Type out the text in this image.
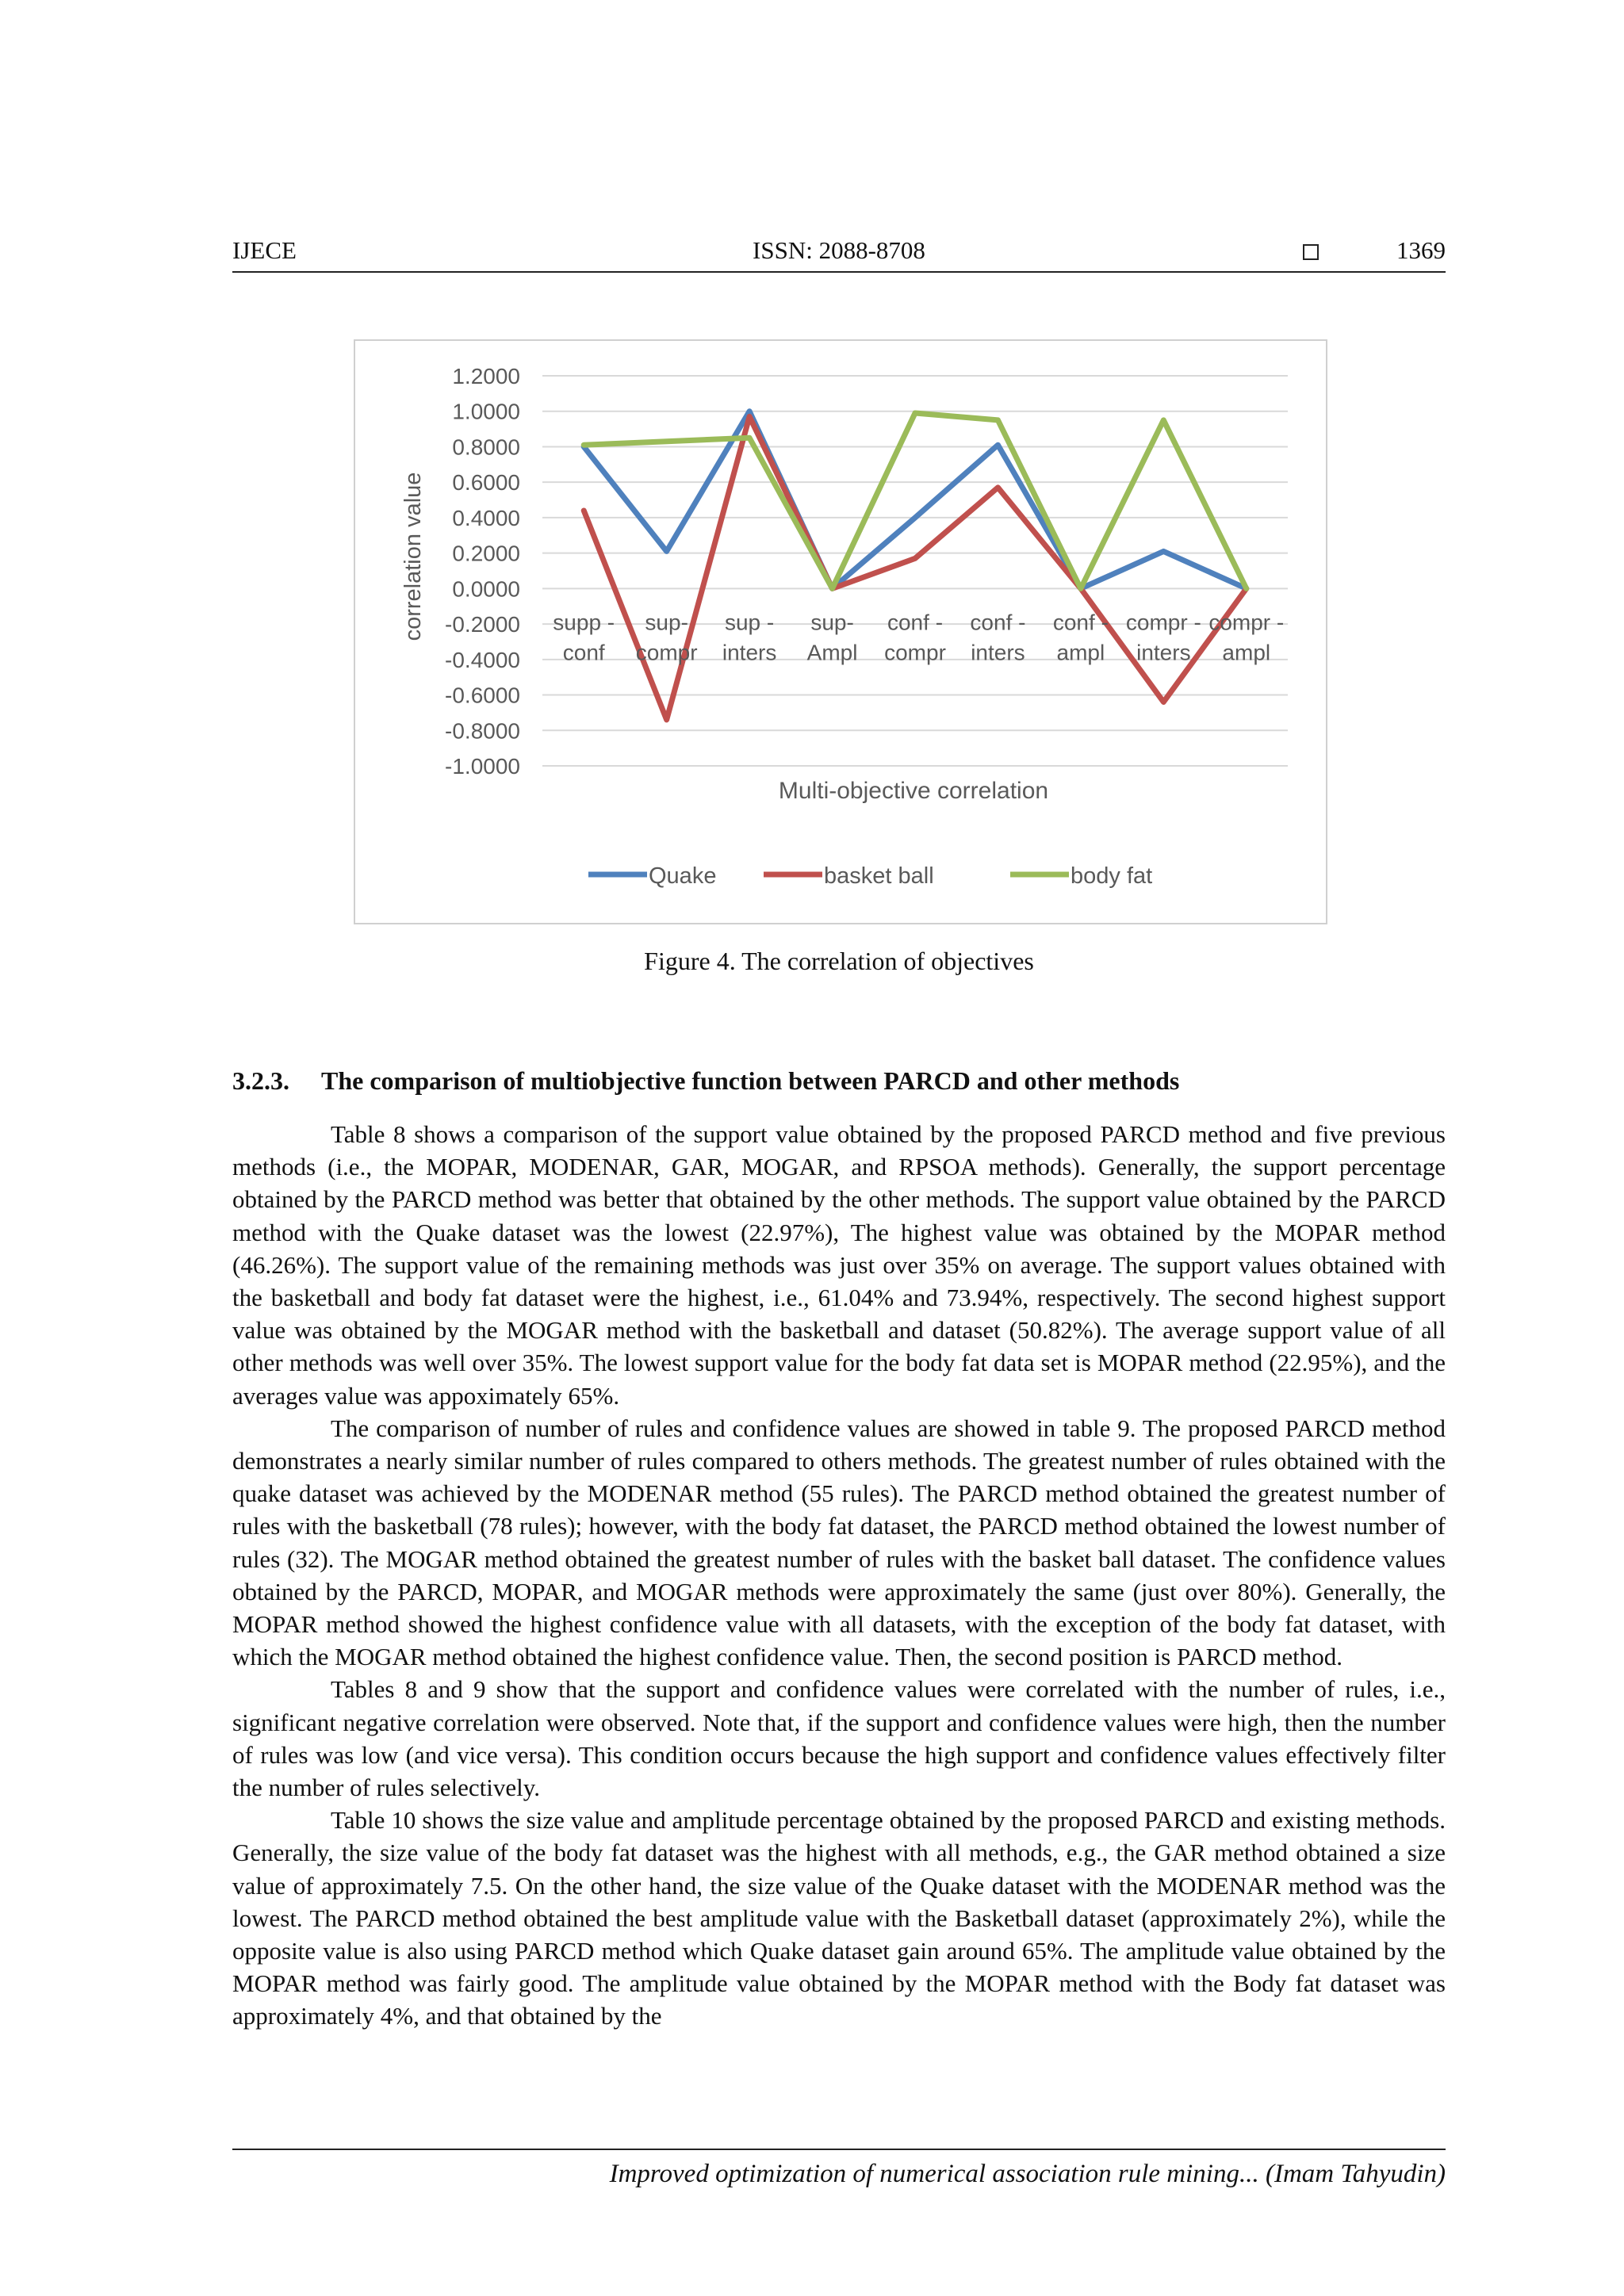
IJECE	ISSN: 2088-8708	1369
1.2000
1.0000
0.8000
0.6000
0.4000
0.2000
0.0000
-0.2000
-0.4000
-0.6000
-0.8000
-1.0000
supp -
conf
sup-
compr
sup -
inters
sup-
Ampl
conf -
compr
conf -
inters
conf -
ampl
compr -
inters
compr -
ampl
correlation value
Multi-objective correlation
Quake	basket ball	body fat
Figure 4. The correlation of objectives
3.2.3. The comparison of multiobjective function between PARCD and other methods

Table 8 shows a comparison of the support value obtained by the proposed PARCD method and five previous methods (i.e., the MOPAR, MODENAR, GAR, MOGAR, and RPSOA methods). Generally, the support percentage obtained by the PARCD method was better that obtained by the other methods. The support value obtained by the PARCD method with the Quake dataset was the lowest (22.97%), The highest value was obtained by the MOPAR method (46.26%). The support value of the remaining methods was just over 35% on average. The support values obtained with the basketball and body fat dataset were the highest, i.e., 61.04% and 73.94%, respectively. The second highest support value was obtained by the MOGAR method with the basketball and dataset (50.82%). The average support value of all other methods was well over 35%. The lowest support value for the body fat data set is MOPAR method (22.95%), and the averages value was appoximately 65%.

The comparison of number of rules and confidence values are showed in table 9. The proposed PARCD method demonstrates a nearly similar number of rules compared to others methods. The greatest number of rules obtained with the quake dataset was achieved by the MODENAR method (55 rules). The PARCD method obtained the greatest number of rules with the basketball (78 rules); however, with the body fat dataset, the PARCD method obtained the lowest number of rules (32). The MOGAR method obtained the greatest number of rules with the basket ball dataset. The confidence values obtained by the PARCD, MOPAR, and MOGAR methods were approximately the same (just over 80%). Generally, the MOPAR method showed the highest confidence value with all datasets, with the exception of the body fat dataset, with which the MOGAR method obtained the highest confidence value. Then, the second position is PARCD method.

Tables 8 and 9 show that the support and confidence values were correlated with the number of rules, i.e., significant negative correlation were observed. Note that, if the support and confidence values were high, then the number of rules was low (and vice versa). This condition occurs because the high support and confidence values effectively filter the number of rules selectively.

Table 10 shows the size value and amplitude percentage obtained by the proposed PARCD and existing methods. Generally, the size value of the body fat dataset was the highest with all methods, e.g., the GAR method obtained a size value of approximately 7.5. On the other hand, the size value of the Quake dataset with the MODENAR method was the lowest. The PARCD method obtained the best amplitude value with the Basketball dataset (approximately 2%), while the opposite value is also using PARCD method which Quake dataset gain around 65%. The amplitude value obtained by the MOPAR method was fairly good. The amplitude value obtained by the MOPAR method with the Body fat dataset was approximately 4%, and that obtained by the

Improved optimization of numerical association rule mining... (Imam Tahyudin)
